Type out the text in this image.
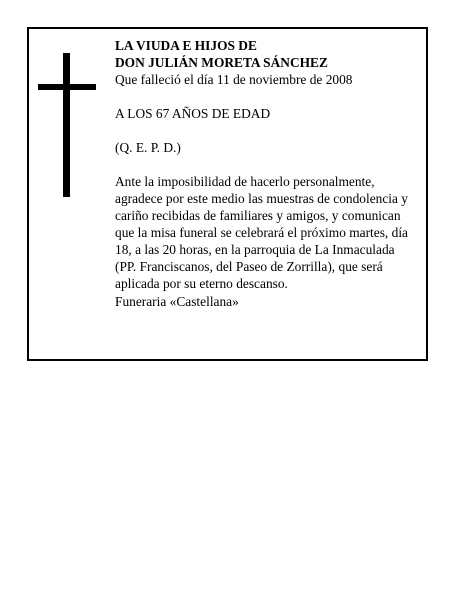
LA VIUDA E HIJOS DE
DON JULIÁN MORETA SÁNCHEZ
Que falleció el día 11 de noviembre de 2008
A LOS 67 AÑOS DE EDAD
(Q. E. P. D.)
Ante la imposibilidad de hacerlo personalmente,
agradece por este medio las muestras de condolencia y
cariño recibidas de familiares y amigos, y comunican
que la misa funeral se celebrará el próximo martes, día
18, a las 20 horas, en la parroquia de La Inmaculada
(PP. Franciscanos, del Paseo de Zorrilla), que será
aplicada por su eterno descanso.
Funeraria «Castellana»
